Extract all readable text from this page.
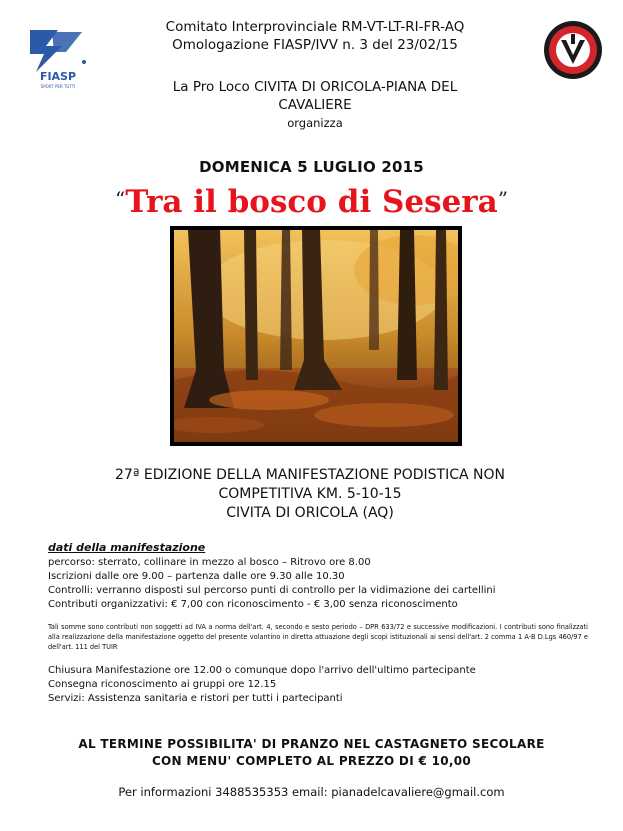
FIASP
SPORT PER TUTTI
Comitato Interprovinciale RM-VT-LT-RI-FR-AQ
Omologazione FIASP/IVV n. 3 del 23/02/15
La Pro Loco CIVITA DI ORICOLA-PIANA DEL
CAVALIERE
organizza
DOMENICA 5 LUGLIO 2015
“Tra il bosco di Sesera”
27ª EDIZIONE DELLA MANIFESTAZIONE PODISTICA NON
COMPETITIVA KM. 5-10-15
CIVITA DI ORICOLA (AQ)
dati della manifestazione
percorso: sterrato, collinare in mezzo al bosco – Ritrovo ore 8.00
Iscrizioni dalle ore 9.00 – partenza dalle ore 9.30 alle 10.30
Controlli: verranno disposti sul percorso punti di controllo per la vidimazione dei cartellini
Contributi organizzativi: € 7,00 con riconoscimento - € 3,00 senza riconoscimento
Tali somme sono contributi non soggetti ad IVA a norma dell'art. 4, secondo e sesto periodo – DPR 633/72 e successive modificazioni. I contributi sono finalizzati alla realizzazione della manifestazione oggetto del presente volantino in diretta attuazione degli scopi istituzionali ai sensi dell'art. 2 comma 1 A-B D.Lgs 460/97 e dell'art. 111 del TUIR
Chiusura Manifestazione ore 12.00 o comunque dopo l'arrivo dell'ultimo partecipante
Consegna riconoscimento ai gruppi ore 12.15
Servizi: Assistenza sanitaria e ristori per tutti i partecipanti
AL TERMINE POSSIBILITA' DI PRANZO NEL CASTAGNETO SECOLARE
CON MENU' COMPLETO AL PREZZO DI € 10,00
Per informazioni 3488535353 email: pianadelcavaliere@gmail.com
